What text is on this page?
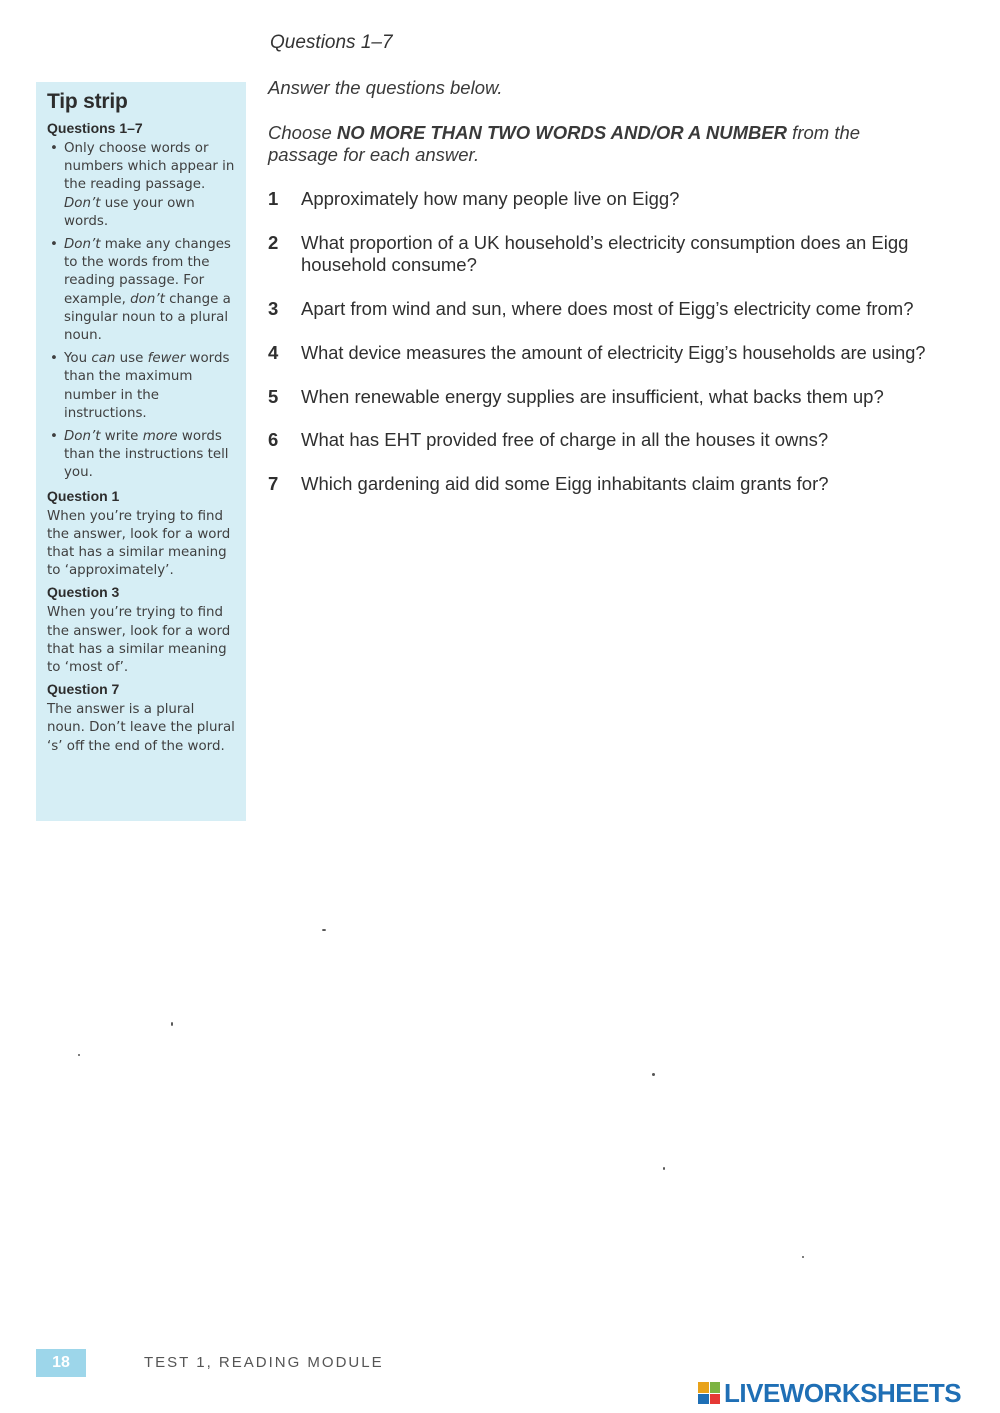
Questions 1–7
Tip strip
Questions 1–7
• Only choose words or numbers which appear in the reading passage. Don’t use your own words.
• Don’t make any changes to the words from the reading passage. For example, don’t change a singular noun to a plural noun.
• You can use fewer words than the maximum number in the instructions.
• Don’t write more words than the instructions tell you.
Question 1

When you’re trying to find the answer, look for a word that has a similar meaning to ‘approximately’.

Question 3

When you’re trying to find the answer, look for a word that has a similar meaning to ‘most of’.

Question 7

The answer is a plural noun. Don’t leave the plural ‘s’ off the end of the word.

Answer the questions below.
Choose NO MORE THAN TWO WORDS AND/OR A NUMBER from the
passage for each answer.
1 Approximately how many people live on Eigg?
2 What proportion of a UK household’s electricity consumption does an Eigg household consume?
3 Apart from wind and sun, where does most of Eigg’s electricity come from?
4 What device measures the amount of electricity Eigg’s households are using?
5 When renewable energy supplies are insufficient, what backs them up?
6 What has EHT provided free of charge in all the houses it owns?
7 Which gardening aid did some Eigg inhabitants claim grants for?
18	TEST 1, READING MODULE
LIVEWORKSHEETS
